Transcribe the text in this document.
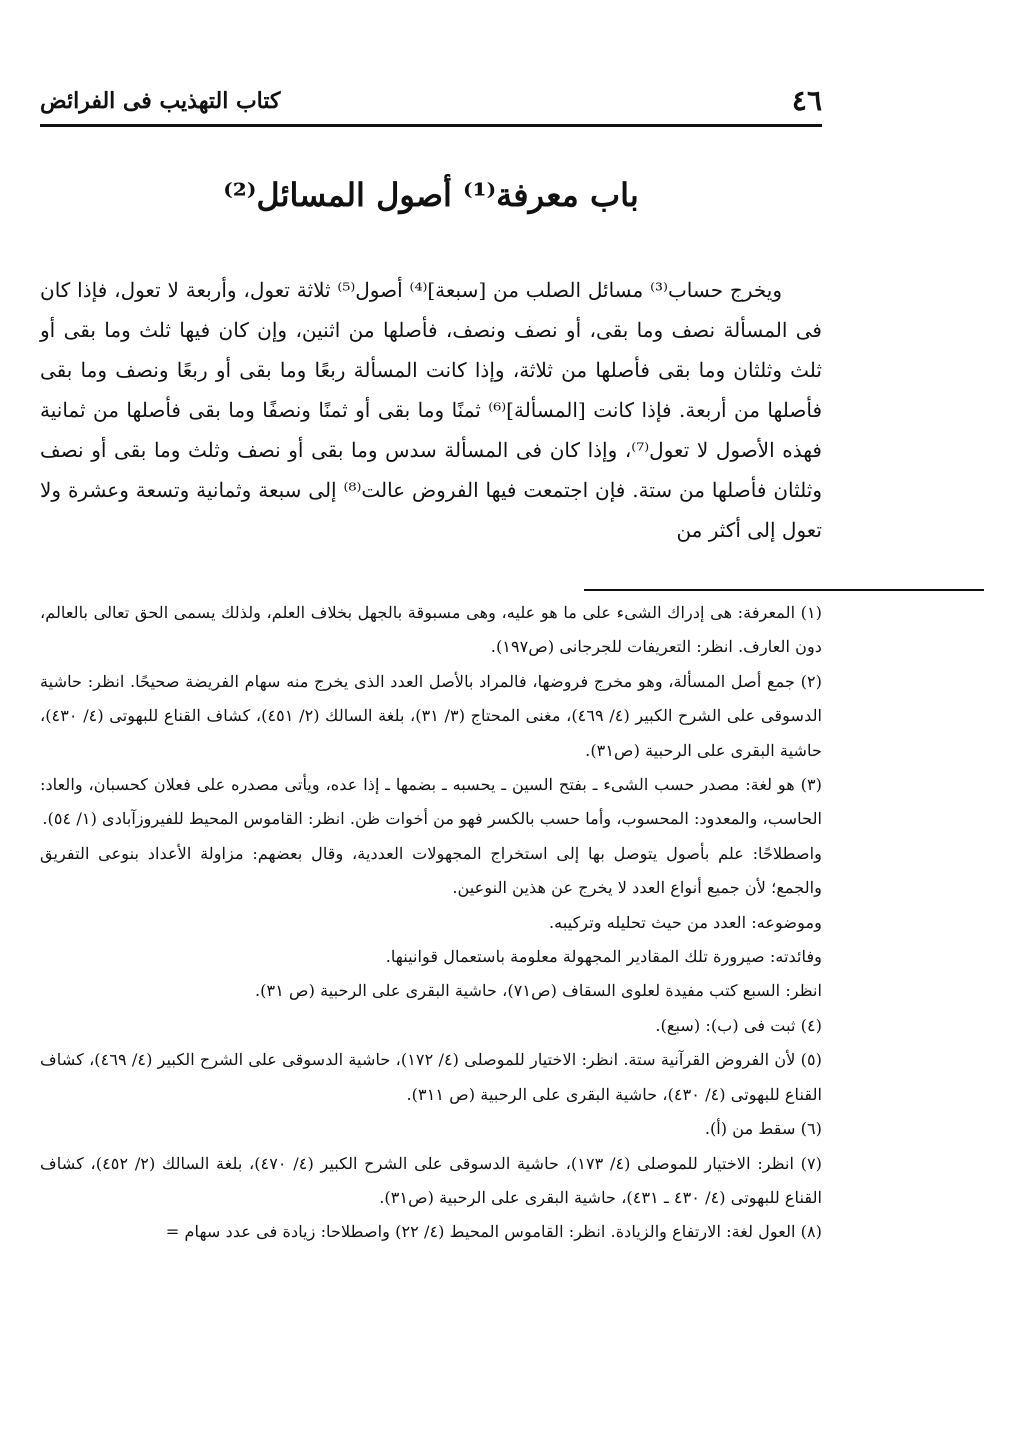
٤٦
كتاب التهذيب فى الفرائض
باب معرفة⁽¹⁾ أصول المسائل⁽²⁾

ويخرج حساب⁽³⁾ مسائل الصلب من [سبعة]⁽⁴⁾ أصول⁽⁵⁾ ثلاثة تعول، وأربعة لا تعول، فإذا كان فى المسألة نصف وما بقى، أو نصف ونصف، فأصلها من اثنين، وإن كان فيها ثلث وما بقى أو ثلث وثلثان وما بقى فأصلها من ثلاثة، وإذا كانت المسألة ربعًا وما بقى أو ربعًا ونصف وما بقى فأصلها من أربعة. فإذا كانت [المسألة]⁽⁶⁾ ثمنًا وما بقى أو ثمنًا ونصفًا وما بقى فأصلها من ثمانية فهذه الأصول لا تعول⁽⁷⁾، وإذا كان فى المسألة سدس وما بقى أو نصف وثلث وما بقى أو نصف وثلثان فأصلها من ستة. فإن اجتمعت فيها الفروض عالت⁽⁸⁾ إلى سبعة وثمانية وتسعة وعشرة ولا تعول إلى أكثر من

(١) المعرفة: هى إدراك الشىء على ما هو عليه، وهى مسبوقة بالجهل بخلاف العلم، ولذلك يسمى الحق تعالى بالعالم، دون العارف. انظر: التعريفات للجرجانى (ص١٩٧).

(٢) جمع أصل المسألة، وهو مخرج فروضها، فالمراد بالأصل العدد الذى يخرج منه سهام الفريضة صحيحًا. انظر: حاشية الدسوقى على الشرح الكبير (٤/ ٤٦٩)، مغنى المحتاج (٣/ ٣١)، بلغة السالك (٢/ ٤٥١)، كشاف القناع للبهوتى (٤/ ٤٣٠)، حاشية البقرى على الرحبية (ص٣١).

(٣) هو لغة: مصدر حسب الشىء ـ بفتح السين ـ يحسبه ـ بضمها ـ إذا عده، ويأتى مصدره على فعلان كحسبان، والعاد: الحاسب، والمعدود: المحسوب، وأما حسب بالكسر فهو من أخوات ظن. انظر: القاموس المحيط للفيروزآبادى (١/ ٥٤).

واصطلاحًا: علم بأصول يتوصل بها إلى استخراج المجهولات العددية، وقال بعضهم: مزاولة الأعداد بنوعى التفريق والجمع؛ لأن جميع أنواع العدد لا يخرج عن هذين النوعين.

وموضوعه: العدد من حيث تحليله وتركيبه.

وفائدته: صيرورة تلك المقادير المجهولة معلومة باستعمال قوانينها.

انظر: السبع كتب مفيدة لعلوى السقاف (ص٧١)، حاشية البقرى على الرحبية (ص ٣١).

(٤) ثبت فى (ب): (سبع).

(٥) لأن الفروض القرآنية ستة. انظر: الاختيار للموصلى (٤/ ١٧٢)، حاشية الدسوقى على الشرح الكبير (٤/ ٤٦٩)، كشاف القناع للبهوتى (٤/ ٤٣٠)، حاشية البقرى على الرحبية (ص ٣١١).

(٦) سقط من (أ).

(٧) انظر: الاختيار للموصلى (٤/ ١٧٣)، حاشية الدسوقى على الشرح الكبير (٤/ ٤٧٠)، بلغة السالك (٢/ ٤٥٢)، كشاف القناع للبهوتى (٤/ ٤٣٠ ـ ٤٣١)، حاشية البقرى على الرحبية (ص٣١).

(٨) العول لغة: الارتفاع والزيادة. انظر: القاموس المحيط (٤/ ٢٢) واصطلاحا: زيادة فى عدد سهام =
